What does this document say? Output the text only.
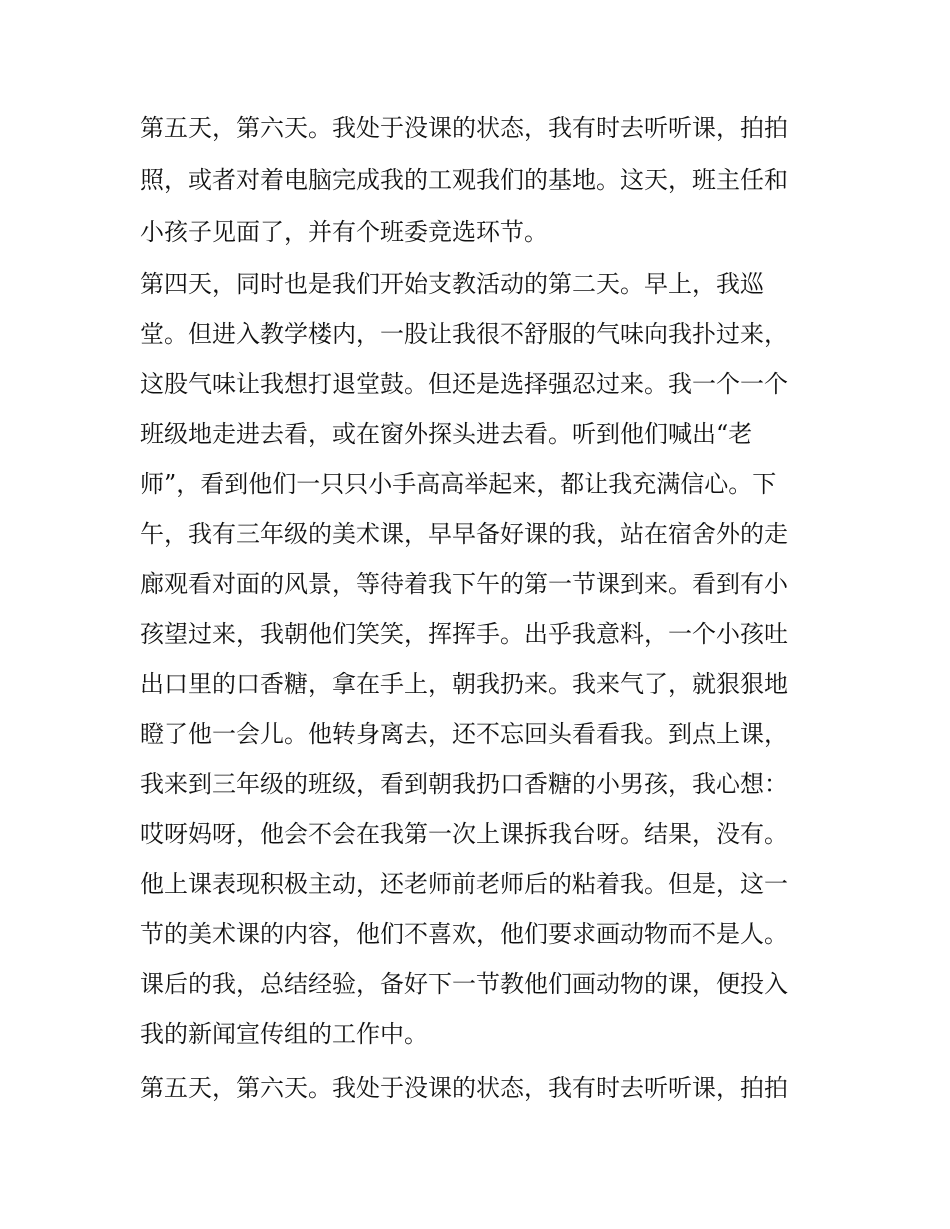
第五天，第六天。我处于没课的状态，我有时去听听课，拍拍
照，或者对着电脑完成我的工观我们的基地。这天，班主任和
小孩子见面了，并有个班委竞选环节。
第四天，同时也是我们开始支教活动的第二天。早上，我巡
堂。但进入教学楼内，一股让我很不舒服的气味向我扑过来，
这股气味让我想打退堂鼓。但还是选择强忍过来。我一个一个
班级地走进去看，或在窗外探头进去看。听到他们喊出“老
师”，看到他们一只只小手高高举起来，都让我充满信心。下
午，我有三年级的美术课，早早备好课的我，站在宿舍外的走
廊观看对面的风景，等待着我下午的第一节课到来。看到有小
孩望过来，我朝他们笑笑，挥挥手。出乎我意料，一个小孩吐
出口里的口香糖，拿在手上，朝我扔来。我来气了，就狠狠地
瞪了他一会儿。他转身离去，还不忘回头看看我。到点上课，
我来到三年级的班级，看到朝我扔口香糖的小男孩，我心想：
哎呀妈呀，他会不会在我第一次上课拆我台呀。结果，没有。
他上课表现积极主动，还老师前老师后的粘着我。但是，这一
节的美术课的内容，他们不喜欢，他们要求画动物而不是人。
课后的我，总结经验，备好下一节教他们画动物的课，便投入
我的新闻宣传组的工作中。
第五天，第六天。我处于没课的状态，我有时去听听课，拍拍
